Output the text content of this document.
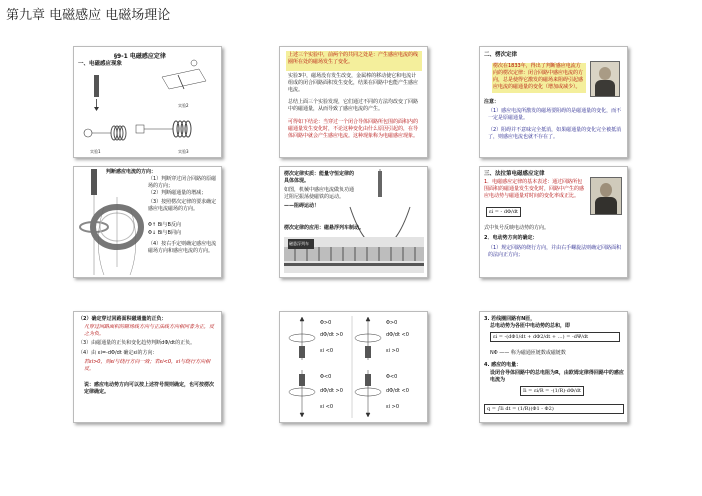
第九章 电磁感应 电磁场理论
§9-1 电磁感应定律
一、电磁感应现象
实验1
实验2
实验3
上述三个实验中，前两个的共同之处是：产生感应电流的线圈所在处的磁场发生了变化。
实验3中，磁场没有发生改变，金属棒的移动使它和电流计组成的闭合回路面积发生变化，结果在回路中也能产生感应电流。
总结上面三个实验发现，它们通过不同的方法均改变了回路中的磁通量，从而导致了感应电流的产生。
可得如下结论：当穿过一个闭合导体回路所包围的面积内的磁通量发生变化时，不论这种变化由什么原因引起的，在导体回路中就会产生感应电流。这种现象称为电磁感应现象。
二、楞次定律
楞次在1833年，得出了判断感应电流方向的楞次定律：闭合回路中感应电流的方向，总是使得它激发的磁场来阻碍引起感应电流的磁通量的变化（增加或减少）。
注意：
（1）感应电流所激发的磁场要阻碍的是磁通量的变化，而不一定是原磁通量。
（2）阻碍并不意味完全抵消，如果磁通量的变化完全被抵消了，则感应电流也就不存在了。
判断感应电流的方向：
（1）判断穿过闭合回路的原磁场的方向；
（2）判断磁通量的增减；
（3）按照楞次定律的要求确定感应电流磁场的方向。
Φ↑ Bi与B反向
Φ↓ Bi与B同向
（4）按右手定则确定感应电流磁场方向和感应电流的方向。
楞次定律实质：能量守恒定律的具体体现。
如图，机械中感应电流做负功通过阻尼振荡使磁铁的运动。
——阻碍运动！
楞次定律的应用：磁悬浮列车制动。
磁悬浮列车
三、法拉第电磁感应定律
1．电磁感应定律的基本表述：通过回路所包围面积的磁通量发生变化时，回路中产生的感应电动势与磁通量对时间的变化率成正比。
εi = - dΦ/dt
式中负号反映电动势的方向。
2．电动势方向的确定：
（1）规定回路的绕行方向，并由右手螺旋法则确定回路面积的法向正方向；
（2）确定穿过回路面积磁通量的正负：
凡穿过回路面积的磁场线方向与正法线方向相同者为正，反之为负。
（3）由磁通量的正负和变化趋势判断dΦ/dt的正负。
（4）由 εi=-dΦ/dt 确定εi的方向：
若εi>0，则εi与绕行方向一致；若εi<0，εi与绕行方向相反。
说：感应电动势方向可以按上述符号规则确定，也可按楞次定律确定。
Φ>0
dΦ/dt >0
εi <0
Φ>0
dΦ/dt <0
εi >0
Φ<0
dΦ/dt >0
εi <0
Φ<0
dΦ/dt <0
εi >0
3. 若线圈回路有N匝，
总电动势为各匝中电动势的总和，即
εi = -(dΦ1/dt + dΦ2/dt + …) = -dΨ/dt
NΦ —— 称为磁通匝链数或磁链数
4. 感应的电量：
设闭合导体回路中的总电阻为R，由欧姆定律得回路中的感应电流为
Ii = εi/R = -(1/R)·dΦ/dt
q = ∫Ii dt = (1/R)(Φ1 - Φ2)
